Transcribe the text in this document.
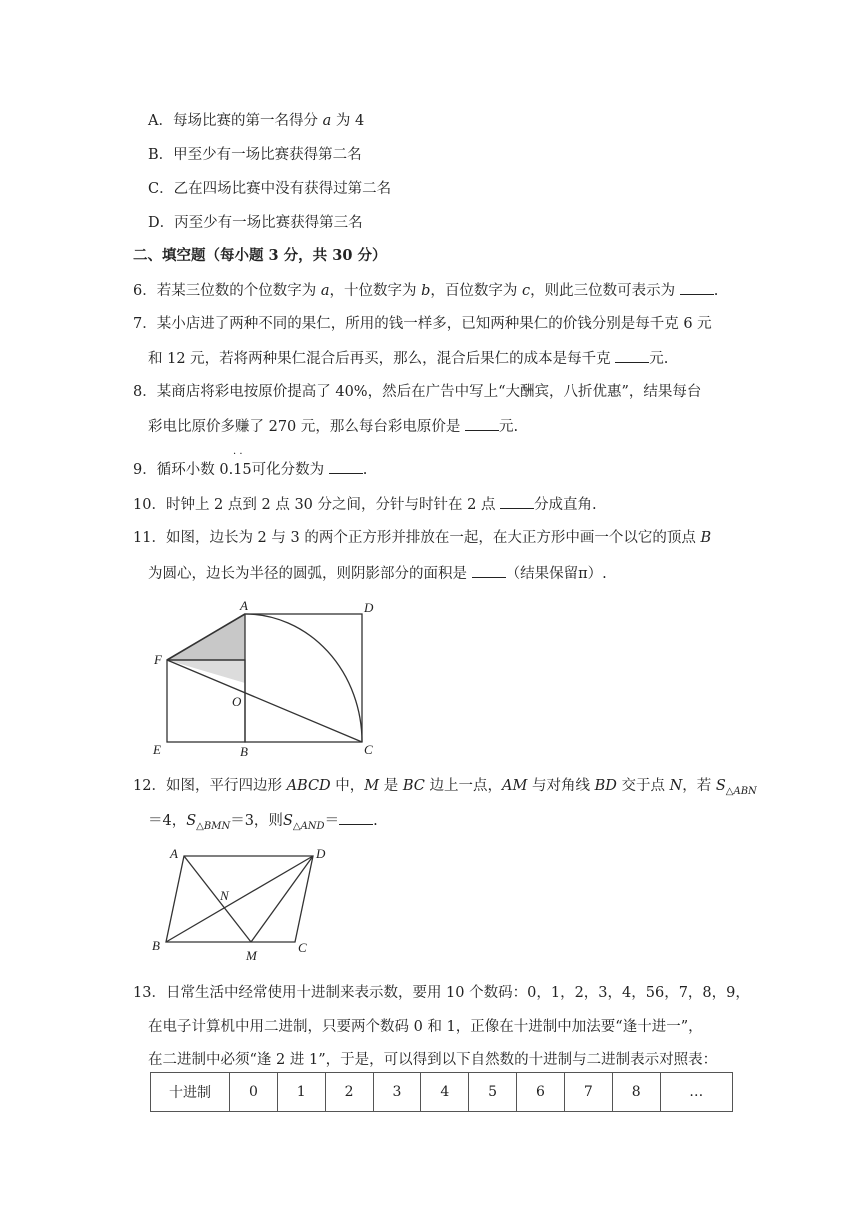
A．每场比赛的第一名得分 a 为 4
B．甲至少有一场比赛获得第二名
C．乙在四场比赛中没有获得过第二名
D．丙至少有一场比赛获得第三名
二、填空题（每小题 3 分，共 30 分）
6．若某三位数的个位数字为 a，十位数字为 b，百位数字为 c，则此三位数可表示为	.
7．某小店进了两种不同的果仁，所用的钱一样多，已知两种果仁的价钱分别是每千克 6 元
和 12 元，若将两种果仁混合后再买，那么，混合后果仁的成本是每千克	元.
8．某商店将彩电按原价提高了 40%，然后在广告中写上“大酬宾，八折优惠”，结果每台
彩电比原价多赚了 270 元，那么每台彩电原价是	元.
· ·
9．循环小数 0.15可化分数为	.
10．时钟上 2 点到 2 点 30 分之间，分针与时针在 2 点	分成直角.
11．如图，边长为 2 与 3 的两个正方形并排放在一起，在大正方形中画一个以它的顶点 B
为圆心，边长为半径的圆弧，则阴影部分的面积是	（结果保留π）.
A	D
F
O
E	B	C
12．如图，平行四边形 ABCD 中，M 是 BC 边上一点，AM 与对角线 BD 交于点 N，若 $S_{\triangle ABN}$
＝4，$S_{\triangle BMN}=3$，则$S_{\triangle AND}=$ .
A	D
N
B
M
C
13．日常生活中经常使用十进制来表示数，要用 10 个数码：0，1，2，3，4，56，7，8，9，
在电子计算机中用二进制，只要两个数码 0 和 1，正像在十进制中加法要“逢十进一”，
在二进制中必须“逢 2 进 1”，于是，可以得到以下自然数的十进制与二进制表示对照表：
十进制	0	1	2	3	4	5	6	7	8	…
